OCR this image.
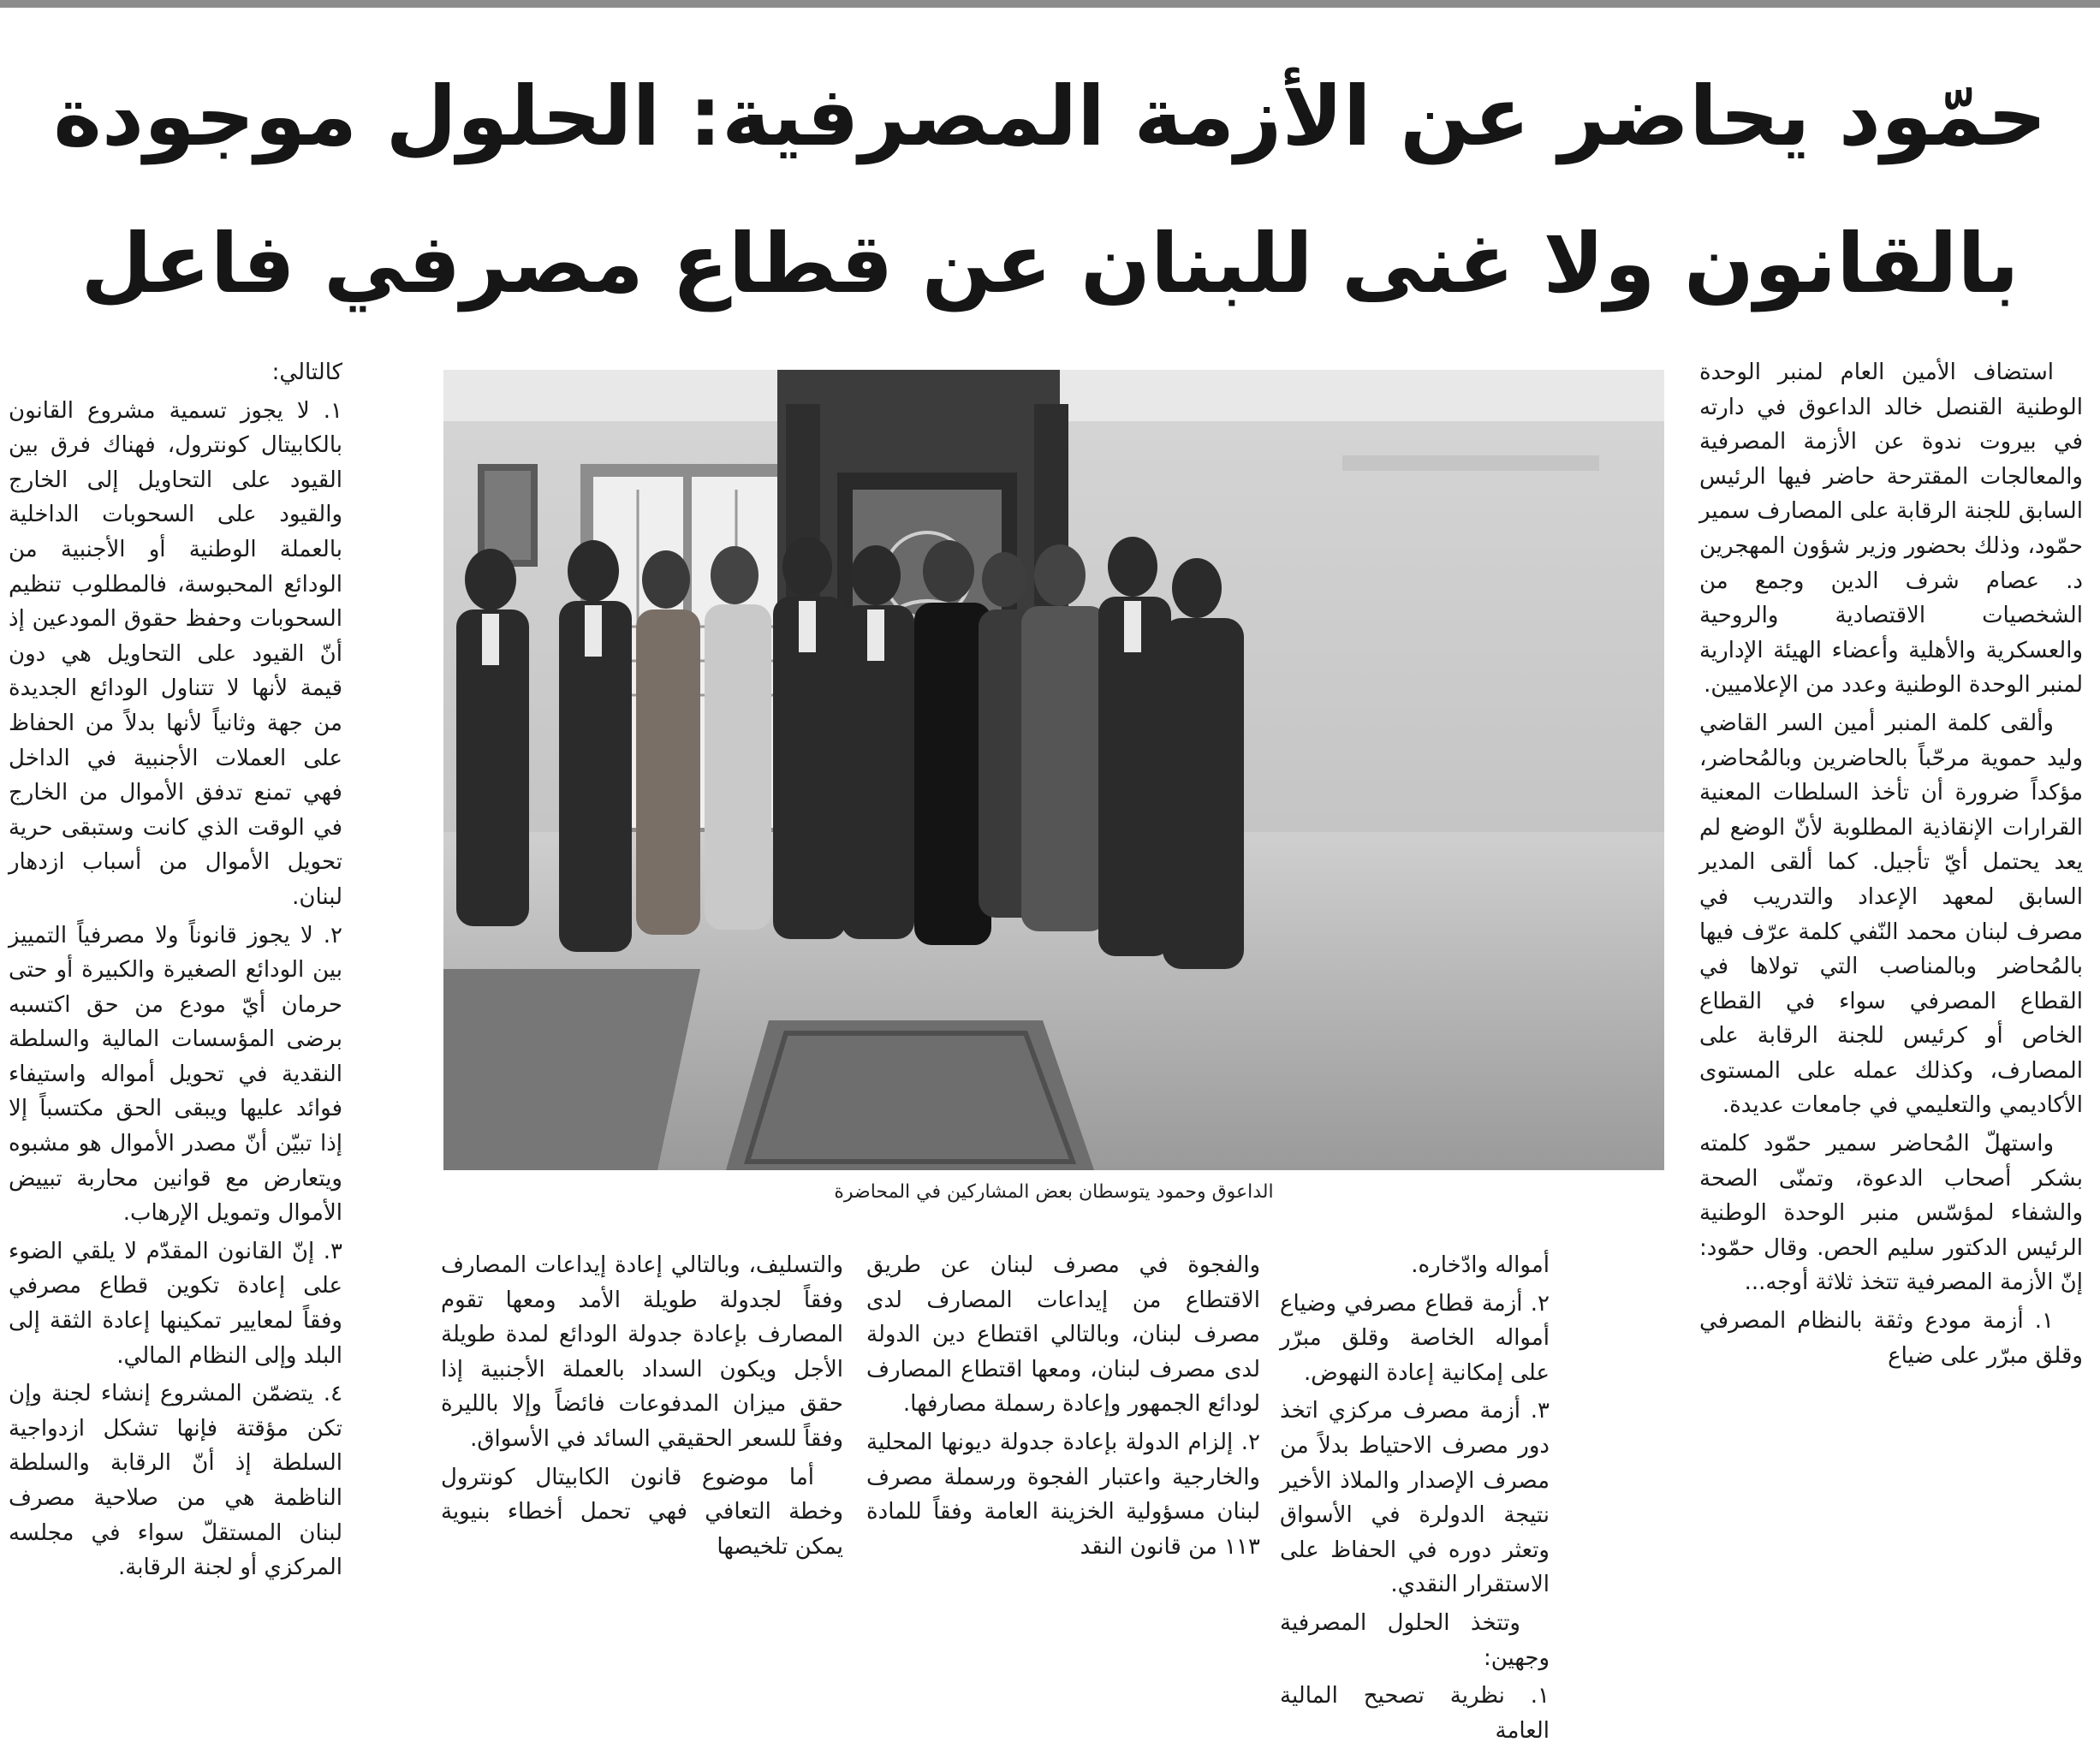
حمّود يحاضر عن الأزمة المصرفية: الحلول موجودة
بالقانون ولا غنى للبنان عن قطاع مصرفي فاعل

استضاف الأمين العام لمنبر الوحدة الوطنية القنصل خالد الداعوق في دارته في بيروت ندوة عن الأزمة المصرفية والمعالجات المقترحة حاضر فيها الرئيس السابق للجنة الرقابة على المصارف سمير حمّود، وذلك بحضور وزير شؤون المهجرين د. عصام شرف الدين وجمع من الشخصيات الاقتصادية والروحية والعسكرية والأهلية وأعضاء الهيئة الإدارية لمنبر الوحدة الوطنية وعدد من الإعلاميين.

وألقى كلمة المنبر أمين السر القاضي وليد حموية مرحّباً بالحاضرين وبالمُحاضر، مؤكداً ضرورة أن تأخذ السلطات المعنية القرارات الإنقاذية المطلوبة لأنّ الوضع لم يعد يحتمل أيّ تأجيل. كما ألقى المدير السابق لمعهد الإعداد والتدريب في مصرف لبنان محمد النّفي كلمة عرّف فيها بالمُحاضر وبالمناصب التي تولاها في القطاع المصرفي سواء في القطاع الخاص أو كرئيس للجنة الرقابة على المصارف، وكذلك عمله على المستوى الأكاديمي والتعليمي في جامعات عديدة.

واستهلّ المُحاضر سمير حمّود كلمته بشكر أصحاب الدعوة، وتمنّى الصحة والشفاء لمؤسّس منبر الوحدة الوطنية الرئيس الدكتور سليم الحص. وقال حمّود: إنّ الأزمة المصرفية تتخذ ثلاثة أوجه...

١. أزمة مودع وثقة بالنظام المصرفي وقلق مبرّر على ضياع

كالتالي:

١. لا يجوز تسمية مشروع القانون بالكابيتال كونترول، فهناك فرق بين القيود على التحاويل إلى الخارج والقيود على السحوبات الداخلية بالعملة الوطنية أو الأجنبية من الودائع المحبوسة، فالمطلوب تنظيم السحوبات وحفظ حقوق المودعين إذ أنّ القيود على التحاويل هي دون قيمة لأنها لا تتناول الودائع الجديدة من جهة وثانياً لأنها بدلاً من الحفاظ على العملات الأجنبية في الداخل فهي تمنع تدفق الأموال من الخارج في الوقت الذي كانت وستبقى حرية تحويل الأموال من أسباب ازدهار لبنان.

٢. لا يجوز قانوناً ولا مصرفياً التمييز بين الودائع الصغيرة والكبيرة أو حتى حرمان أيّ مودع من حق اكتسبه برضى المؤسسات المالية والسلطة النقدية في تحويل أمواله واستيفاء فوائد عليها ويبقى الحق مكتسباً إلا إذا تبيّن أنّ مصدر الأموال هو مشبوه ويتعارض مع قوانين محاربة تبييض الأموال وتمويل الإرهاب.

٣. إنّ القانون المقدّم لا يلقي الضوء على إعادة تكوين قطاع مصرفي وفقاً لمعايير تمكينها إعادة الثقة إلى البلد وإلى النظام المالي.

٤. يتضمّن المشروع إنشاء لجنة وإن تكن مؤقتة فإنها تشكل ازدواجية السلطة إذ أنّ الرقابة والسلطة الناظمة هي من صلاحية مصرف لبنان المستقلّ سواء في مجلسه المركزي أو لجنة الرقابة.

الداعوق وحمود يتوسطان بعض المشاركين في المحاضرة

أمواله وادّخاره.

٢. أزمة قطاع مصرفي وضياع أمواله الخاصة وقلق مبرّر على إمكانية إعادة النهوض.

٣. أزمة مصرف مركزي اتخذ دور مصرف الاحتياط بدلاً من مصرف الإصدار والملاذ الأخير نتيجة الدولرة في الأسواق وتعثر دوره في الحفاظ على الاستقرار النقدي.

وتتخذ الحلول المصرفية وجهين:

١. نظرية تصحيح المالية العامة

والفجوة في مصرف لبنان عن طريق الاقتطاع من إيداعات المصارف لدى مصرف لبنان، وبالتالي اقتطاع دين الدولة لدى مصرف لبنان، ومعها اقتطاع المصارف لودائع الجمهور وإعادة رسملة مصارفها.

٢. إلزام الدولة بإعادة جدولة ديونها المحلية والخارجية واعتبار الفجوة ورسملة مصرف لبنان مسؤولية الخزينة العامة وفقاً للمادة ١١٣ من قانون النقد

والتسليف، وبالتالي إعادة إيداعات المصارف وفقاً لجدولة طويلة الأمد ومعها تقوم المصارف بإعادة جدولة الودائع لمدة طويلة الأجل ويكون السداد بالعملة الأجنبية إذا حقق ميزان المدفوعات فائضاً وإلا بالليرة وفقاً للسعر الحقيقي السائد في الأسواق.

أما موضوع قانون الكابيتال كونترول وخطة التعافي فهي تحمل أخطاء بنيوية يمكن تلخيصها
